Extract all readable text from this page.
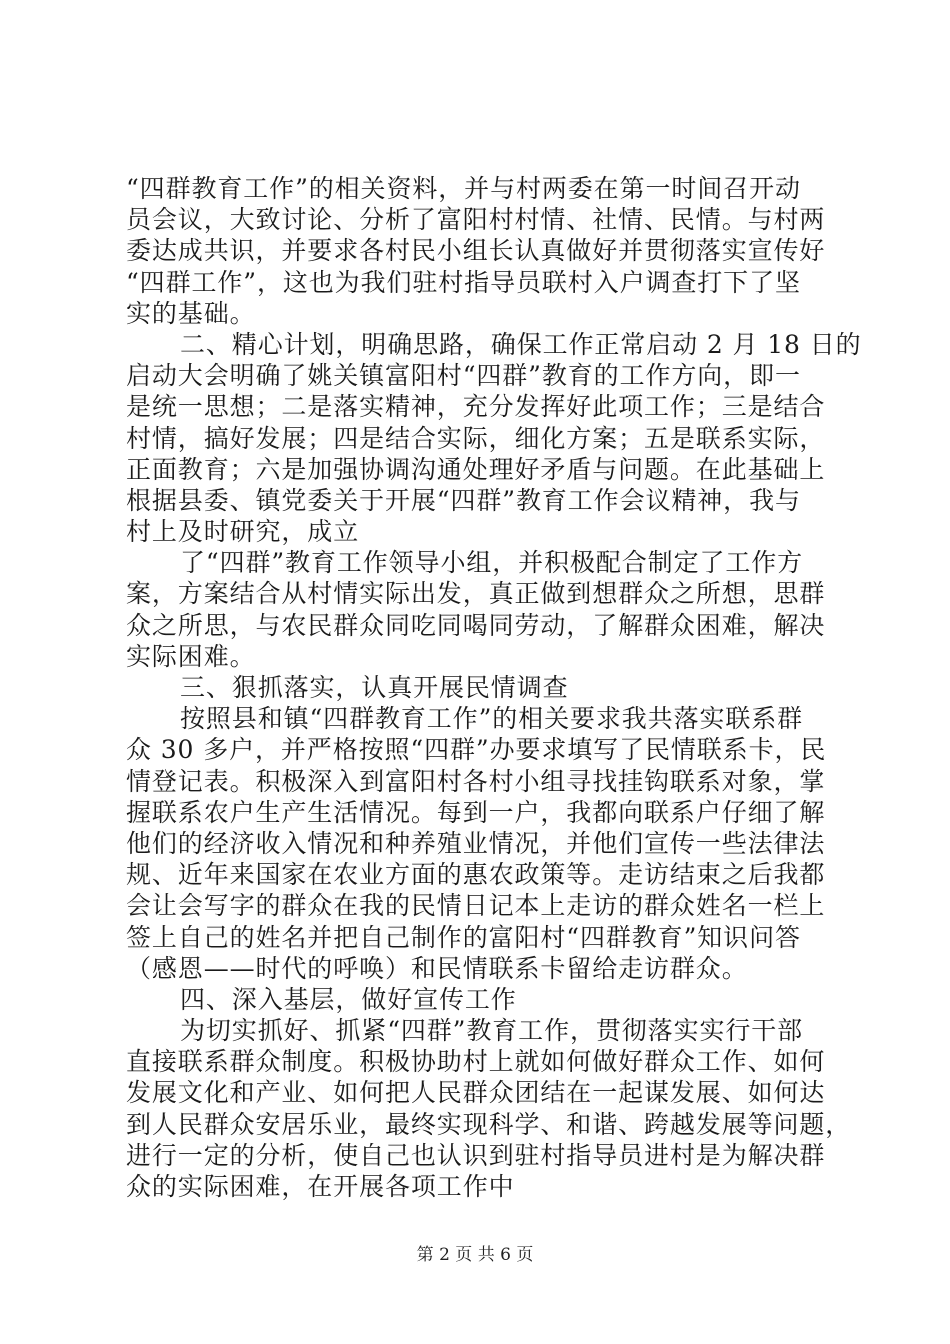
“四群教育工作”的相关资料，并与村两委在第一时间召开动
员会议，大致讨论、分析了富阳村村情、社情、民情。与村两
委达成共识，并要求各村民小组长认真做好并贯彻落实宣传好
“四群工作”，这也为我们驻村指导员联村入户调查打下了坚
实的基础。
二、精心计划，明确思路，确保工作正常启动 2 月 18 日的
启动大会明确了姚关镇富阳村“四群”教育的工作方向，即一
是统一思想；二是落实精神，充分发挥好此项工作；三是结合
村情，搞好发展；四是结合实际，细化方案；五是联系实际，
正面教育；六是加强协调沟通处理好矛盾与问题。在此基础上
根据县委、镇党委关于开展“四群”教育工作会议精神，我与
村上及时研究，成立
了“四群”教育工作领导小组，并积极配合制定了工作方
案，方案结合从村情实际出发，真正做到想群众之所想，思群
众之所思，与农民群众同吃同喝同劳动，了解群众困难，解决
实际困难。
三、狠抓落实，认真开展民情调查
按照县和镇“四群教育工作”的相关要求我共落实联系群
众 30 多户，并严格按照“四群”办要求填写了民情联系卡，民
情登记表。积极深入到富阳村各村小组寻找挂钩联系对象，掌
握联系农户生产生活情况。每到一户，我都向联系户仔细了解
他们的经济收入情况和种养殖业情况，并他们宣传一些法律法
规、近年来国家在农业方面的惠农政策等。走访结束之后我都
会让会写字的群众在我的民情日记本上走访的群众姓名一栏上
签上自己的姓名并把自己制作的富阳村“四群教育”知识问答
（感恩——时代的呼唤）和民情联系卡留给走访群众。
四、深入基层，做好宣传工作
为切实抓好、抓紧“四群”教育工作，贯彻落实实行干部
直接联系群众制度。积极协助村上就如何做好群众工作、如何
发展文化和产业、如何把人民群众团结在一起谋发展、如何达
到人民群众安居乐业，最终实现科学、和谐、跨越发展等问题，
进行一定的分析，使自己也认识到驻村指导员进村是为解决群
众的实际困难，在开展各项工作中
第 2 页 共 6 页
